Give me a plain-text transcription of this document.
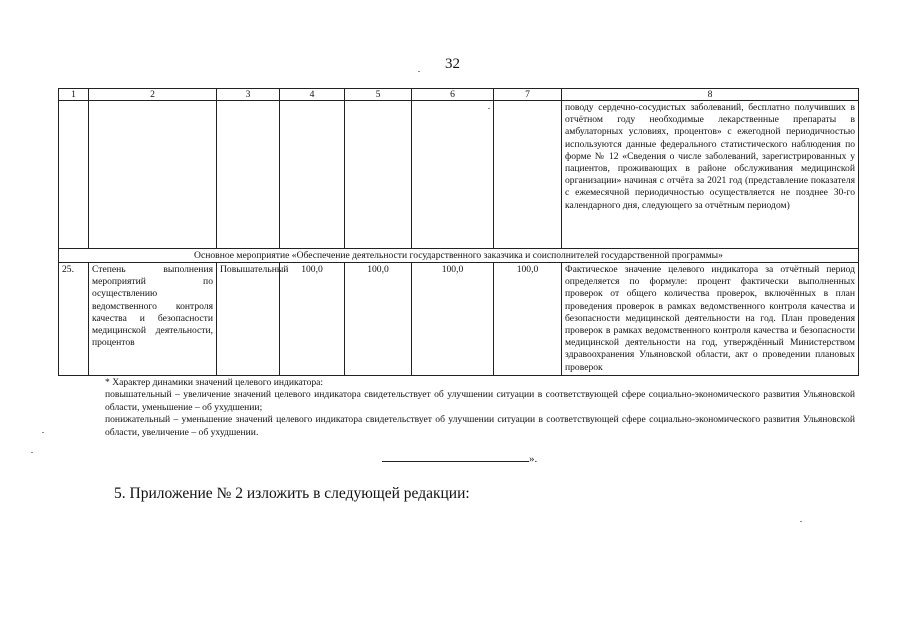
32
1	2	3	4	5	6	7	8
							поводу сердечно-сосудистых заболеваний, бесплатно получивших в отчётном году необходимые лекарственные препараты в амбулаторных условиях, процентов» с ежегодной периодичностью используются данные федерального статистического наблюдения по форме № 12 «Сведения о числе заболеваний, зарегистрированных у пациентов, проживающих в районе обслуживания медицинской организации» начиная с отчёта за 2021 год (представление показателя с ежемесячной периодичностью осуществляется не позднее 30-го календарного дня, следующего за отчётным периодом)
Основное мероприятие «Обеспечение деятельности государственного заказчика и соисполнителей государственной программы»							
25.	Степень выполнения мероприятий по осуществлению ведомственного контроля качества и безопасности медицинской деятельности, процентов	Повышательный	100,0	100,0	100,0	100,0	Фактическое значение целевого индикатора за отчётный период определяется по формуле: процент фактически выполненных проверок от общего количества проверок, включённых в план проведения проверок в рамках ведомственного контроля качества и безопасности медицинской деятельности на год. План проведения проверок в рамках ведомственного контроля качества и безопасности медицинской деятельности на год, утверждённый Министерством здравоохранения Ульяновской области, акт о проведении плановых проверок

* Характер динамики значений целевого индикатора:

повышательный – увеличение значений целевого индикатора свидетельствует об улучшении ситуации в соответствующей сфере социально-экономического развития Ульяновской области, уменьшение – об ухудшении;

понижательный – уменьшение значений целевого индикатора свидетельствует об улучшении ситуации в соответствующей сфере социально-экономического развития Ульяновской области, увеличение – об ухудшении.

».
5. Приложение № 2 изложить в следующей редакции:
